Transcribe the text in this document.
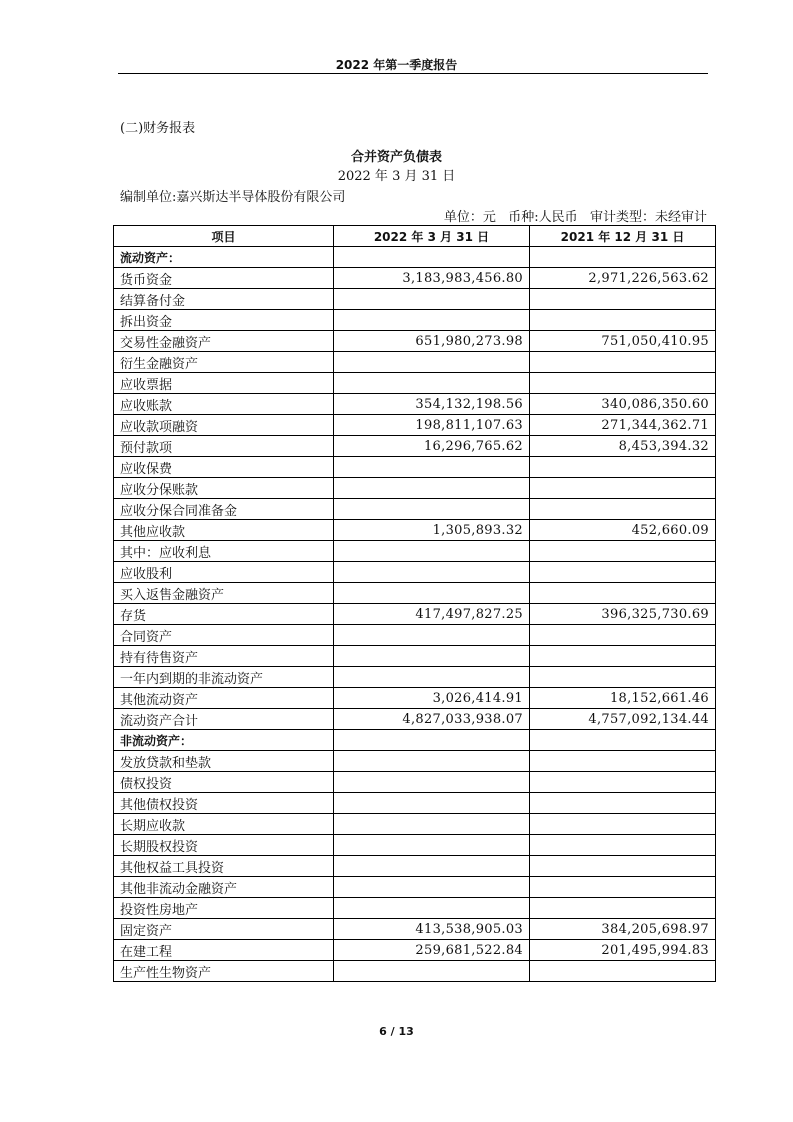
2022 年第一季度报告
(二)财务报表
合并资产负债表
2022 年 3 月 31 日
编制单位:嘉兴斯达半导体股份有限公司
单位：元   币种:人民币   审计类型：未经审计
项目	2022 年 3 月 31 日	2021 年 12 月 31 日
流动资产：		
货币资金	3,183,983,456.80	2,971,226,563.62
结算备付金		
拆出资金		
交易性金融资产	651,980,273.98	751,050,410.95
衍生金融资产		
应收票据		
应收账款	354,132,198.56	340,086,350.60
应收款项融资	198,811,107.63	271,344,362.71
预付款项	16,296,765.62	8,453,394.32
应收保费		
应收分保账款		
应收分保合同准备金		
其他应收款	1,305,893.32	452,660.09
其中：应收利息		
应收股利		
买入返售金融资产		
存货	417,497,827.25	396,325,730.69
合同资产		
持有待售资产		
一年内到期的非流动资产		
其他流动资产	3,026,414.91	18,152,661.46
流动资产合计	4,827,033,938.07	4,757,092,134.44
非流动资产：		
发放贷款和垫款		
债权投资		
其他债权投资		
长期应收款		
长期股权投资		
其他权益工具投资		
其他非流动金融资产		
投资性房地产		
固定资产	413,538,905.03	384,205,698.97
在建工程	259,681,522.84	201,495,994.83
生产性生物资产		
6 / 13
